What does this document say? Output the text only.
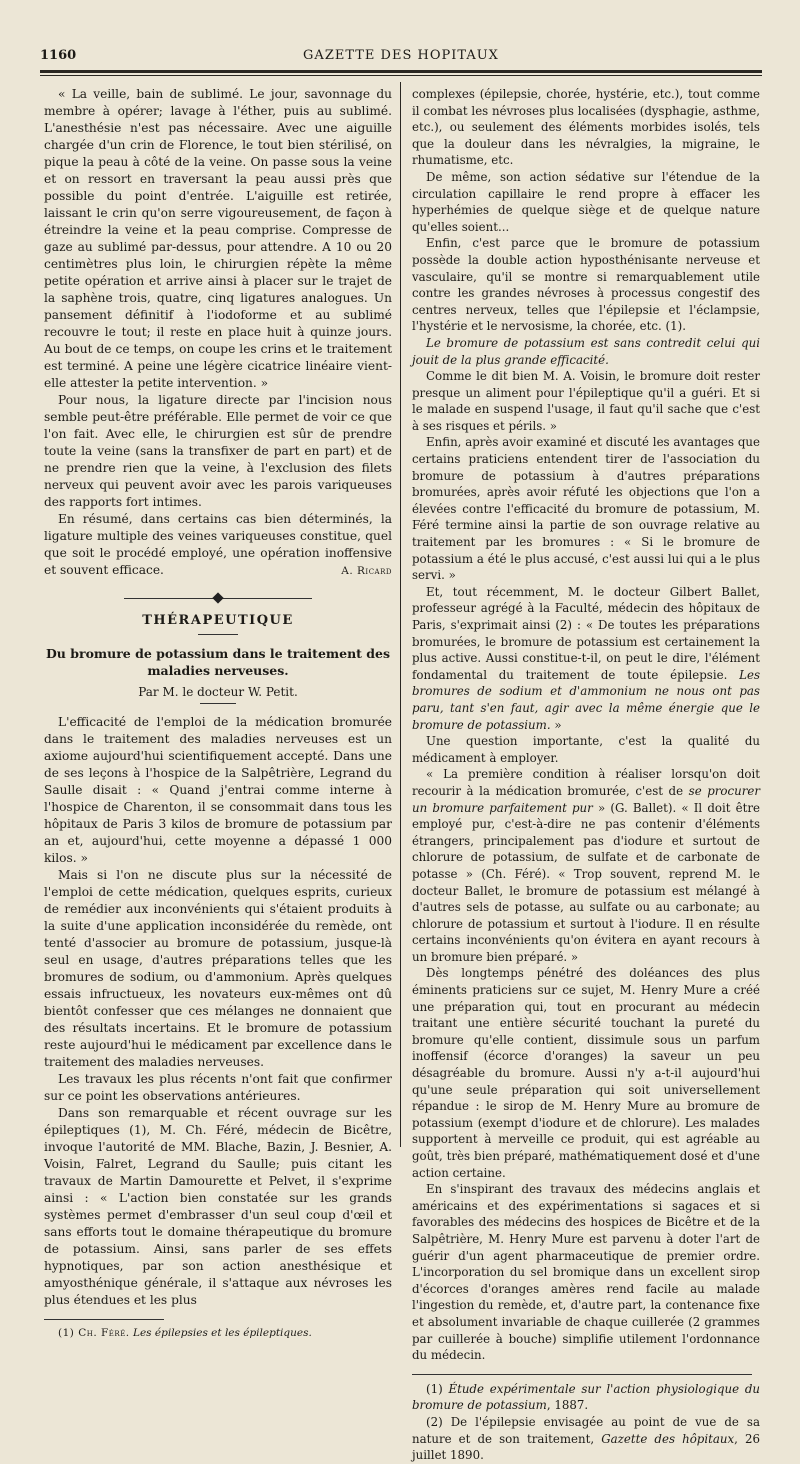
1160	GAZETTE DES HOPITAUX

« La veille, bain de sublimé. Le jour, savonnage du membre à opérer; lavage à l'éther, puis au sublimé. L'anesthésie n'est pas nécessaire. Avec une aiguille chargée d'un crin de Florence, le tout bien stérilisé, on pique la peau à côté de la veine. On passe sous la veine et on ressort en traversant la peau aussi près que possible du point d'entrée. L'aiguille est retirée, laissant le crin qu'on serre vigoureusement, de façon à étreindre la veine et la peau comprise. Compresse de gaze au sublimé par-dessus, pour attendre. A 10 ou 20 centimètres plus loin, le chirurgien répète la même petite opération et arrive ainsi à placer sur le trajet de la saphène trois, quatre, cinq ligatures analogues. Un pansement définitif à l'iodoforme et au sublimé recouvre le tout; il reste en place huit à quinze jours. Au bout de ce temps, on coupe les crins et le traitement est terminé. A peine une légère cicatrice linéaire vient-elle attester la petite intervention. »

Pour nous, la ligature directe par l'incision nous semble peut-être préférable. Elle permet de voir ce que l'on fait. Avec elle, le chirurgien est sûr de prendre toute la veine (sans la transfixer de part en part) et de ne prendre rien que la veine, à l'exclusion des filets nerveux qui peuvent avoir avec les parois variqueuses des rapports fort intimes.

En résumé, dans certains cas bien déterminés, la ligature multiple des veines variqueuses constitue, quel que soit le procédé employé, une opération inoffensive et souvent efficace.	A. Ricard
THÉRAPEUTIQUE
Du bromure de potassium dans le traitement des maladies nerveuses.
Par M. le docteur W. Petit.

L'efficacité de l'emploi de la médication bromurée dans le traitement des maladies nerveuses est un axiome aujourd'hui scientifiquement accepté. Dans une de ses leçons à l'hospice de la Salpêtrière, Legrand du Saulle disait : « Quand j'entrai comme interne à l'hospice de Charenton, il se consommait dans tous les hôpitaux de Paris 3 kilos de bromure de potassium par an et, aujourd'hui, cette moyenne a dépassé 1 000 kilos. »

Mais si l'on ne discute plus sur la nécessité de l'emploi de cette médication, quelques esprits, curieux de remédier aux inconvénients qui s'étaient produits à la suite d'une application inconsidérée du remède, ont tenté d'associer au bromure de potassium, jusque-là seul en usage, d'autres préparations telles que les bromures de sodium, ou d'ammonium. Après quelques essais infructueux, les novateurs eux-mêmes ont dû bientôt confesser que ces mélanges ne donnaient que des résultats incertains. Et le bromure de potassium reste aujourd'hui le médicament par excellence dans le traitement des maladies nerveuses.

Les travaux les plus récents n'ont fait que confirmer sur ce point les observations antérieures.

Dans son remarquable et récent ouvrage sur les épileptiques (1), M. Ch. Féré, médecin de Bicêtre, invoque l'autorité de MM. Blache, Bazin, J. Besnier, A. Voisin, Falret, Legrand du Saulle; puis citant les travaux de Martin Damourette et Pelvet, il s'exprime ainsi : « L'action bien constatée sur les grands systèmes permet d'embrasser d'un seul coup d'œil et sans efforts tout le domaine thérapeutique du bromure de potassium. Ainsi, sans parler de ses effets hypnotiques, par son action anesthésique et amyosthénique générale, il s'attaque aux névroses les plus étendues et les plus

(1) Ch. Féré. Les épilepsies et les épileptiques.

complexes (épilepsie, chorée, hystérie, etc.), tout comme il combat les névroses plus localisées (dysphagie, asthme, etc.), ou seulement des éléments morbides isolés, tels que la douleur dans les névralgies, la migraine, le rhumatisme, etc.

De même, son action sédative sur l'étendue de la circulation capillaire le rend propre à effacer les hyperhémies de quelque siège et de quelque nature qu'elles soient...

Enfin, c'est parce que le bromure de potassium possède la double action hyposthénisante nerveuse et vasculaire, qu'il se montre si remarquablement utile contre les grandes névroses à processus congestif des centres nerveux, telles que l'épilepsie et l'éclampsie, l'hystérie et le nervosisme, la chorée, etc. (1).

Le bromure de potassium est sans contredit celui qui jouit de la plus grande efficacité.

Comme le dit bien M. A. Voisin, le bromure doit rester presque un aliment pour l'épileptique qu'il a guéri. Et si le malade en suspend l'usage, il faut qu'il sache que c'est à ses risques et périls. »

Enfin, après avoir examiné et discuté les avantages que certains praticiens entendent tirer de l'association du bromure de potassium à d'autres préparations bromurées, après avoir réfuté les objections que l'on a élevées contre l'efficacité du bromure de potassium, M. Féré termine ainsi la partie de son ouvrage relative au traitement par les bromures : « Si le bromure de potassium a été le plus accusé, c'est aussi lui qui a le plus servi. »

Et, tout récemment, M. le docteur Gilbert Ballet, professeur agrégé à la Faculté, médecin des hôpitaux de Paris, s'exprimait ainsi (2) : « De toutes les préparations bromurées, le bromure de potassium est certainement la plus active. Aussi constitue-t-il, on peut le dire, l'élément fondamental du traitement de toute épilepsie. Les bromures de sodium et d'ammonium ne nous ont pas paru, tant s'en faut, agir avec la même énergie que le bromure de potassium. »

Une question importante, c'est la qualité du médicament à employer.

« La première condition à réaliser lorsqu'on doit recourir à la médication bromurée, c'est de se procurer un bromure parfaitement pur » (G. Ballet). « Il doit être employé pur, c'est-à-dire ne pas contenir d'éléments étrangers, principalement pas d'iodure et surtout de chlorure de potassium, de sulfate et de carbonate de potasse » (Ch. Féré). « Trop souvent, reprend M. le docteur Ballet, le bromure de potassium est mélangé à d'autres sels de potasse, au sulfate ou au carbonate; au chlorure de potassium et surtout à l'iodure. Il en résulte certains inconvénients qu'on évitera en ayant recours à un bromure bien préparé. »

Dès longtemps pénétré des doléances des plus éminents praticiens sur ce sujet, M. Henry Mure a créé une préparation qui, tout en procurant au médecin traitant une entière sécurité touchant la pureté du bromure qu'elle contient, dissimule sous un parfum inoffensif (écorce d'oranges) la saveur un peu désagréable du bromure. Aussi n'y a-t-il aujourd'hui qu'une seule préparation qui soit universellement répandue : le sirop de M. Henry Mure au bromure de potassium (exempt d'iodure et de chlorure). Les malades supportent à merveille ce produit, qui est agréable au goût, très bien préparé, mathématiquement dosé et d'une action certaine.

En s'inspirant des travaux des médecins anglais et américains et des expérimentations si sagaces et si favorables des médecins des hospices de Bicêtre et de la Salpêtrière, M. Henry Mure est parvenu à doter l'art de guérir d'un agent pharmaceutique de premier ordre. L'incorporation du sel bromique dans un excellent sirop d'écorces d'oranges amères rend facile au malade l'ingestion du remède, et, d'autre part, la contenance fixe et absolument invariable de chaque cuillerée (2 grammes par cuillerée à bouche) simplifie utilement l'ordonnance du médecin.

(1) Étude expérimentale sur l'action physiologique du bromure de potassium, 1887.

(2) De l'épilepsie envisagée au point de vue de sa nature et de son traitement, Gazette des hôpitaux, 26 juillet 1890.
